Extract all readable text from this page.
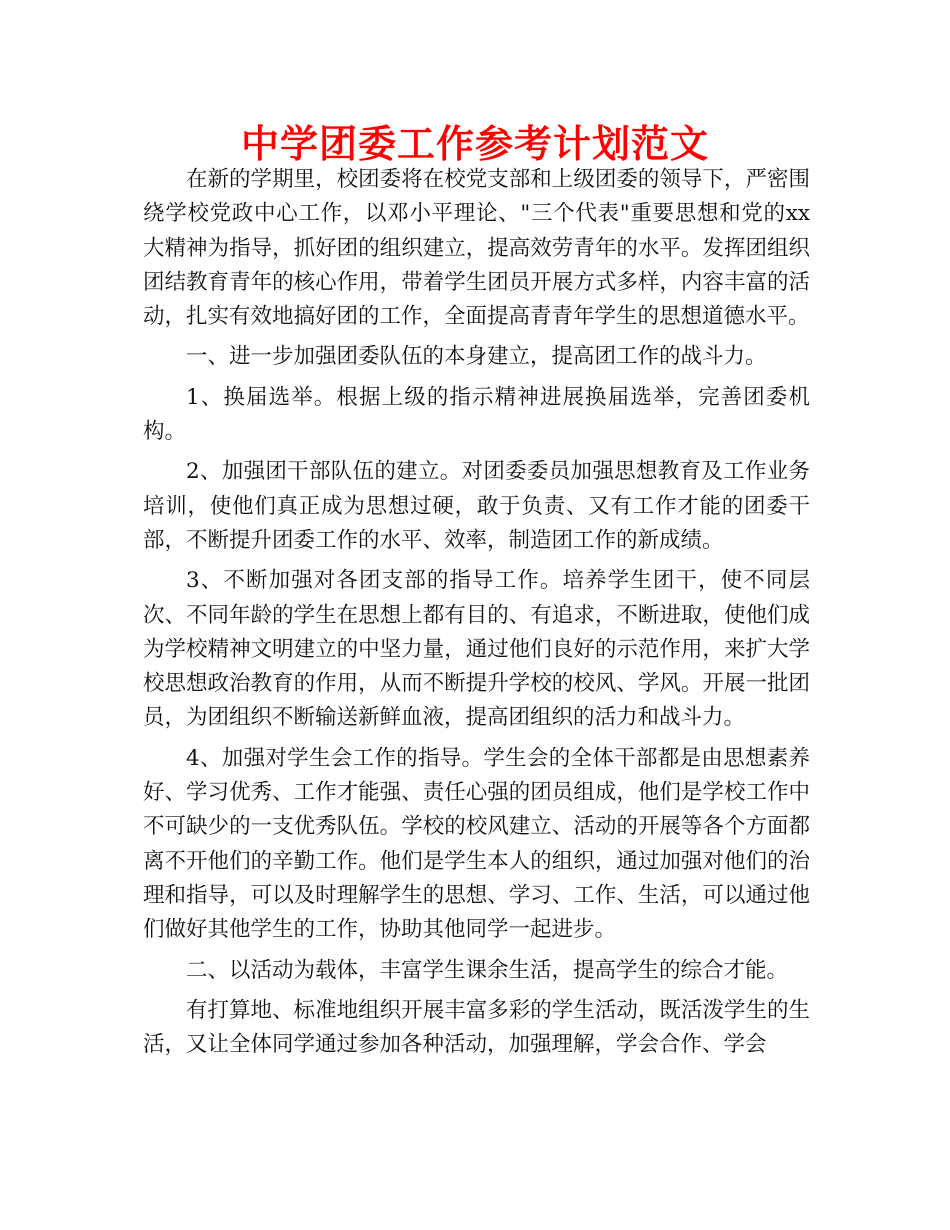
中学团委工作参考计划范文

在新的学期里，校团委将在校党支部和上级团委的领导下，严密围绕学校党政中心工作，以邓小平理论、"三个代表"重要思想和党的xx大精神为指导，抓好团的组织建立，提高效劳青年的水平。发挥团组织团结教育青年的核心作用，带着学生团员开展方式多样，内容丰富的活动，扎实有效地搞好团的工作，全面提高青青年学生的思想道德水平。

一、进一步加强团委队伍的本身建立，提高团工作的战斗力。

1、换届选举。根据上级的指示精神进展换届选举，完善团委机构。

2、加强团干部队伍的建立。对团委委员加强思想教育及工作业务培训，使他们真正成为思想过硬，敢于负责、又有工作才能的团委干部，不断提升团委工作的水平、效率，制造团工作的新成绩。

3、不断加强对各团支部的指导工作。培养学生团干，使不同层次、不同年龄的学生在思想上都有目的、有追求，不断进取，使他们成为学校精神文明建立的中坚力量，通过他们良好的示范作用，来扩大学校思想政治教育的作用，从而不断提升学校的校风、学风。开展一批团员，为团组织不断输送新鲜血液，提高团组织的活力和战斗力。

4、加强对学生会工作的指导。学生会的全体干部都是由思想素养好、学习优秀、工作才能强、责任心强的团员组成，他们是学校工作中不可缺少的一支优秀队伍。学校的校风建立、活动的开展等各个方面都离不开他们的辛勤工作。他们是学生本人的组织，通过加强对他们的治理和指导，可以及时理解学生的思想、学习、工作、生活，可以通过他们做好其他学生的工作，协助其他同学一起进步。

二、以活动为载体，丰富学生课余生活，提高学生的综合才能。

有打算地、标准地组织开展丰富多彩的学生活动，既活泼学生的生活，又让全体同学通过参加各种活动，加强理解，学会合作、学会
